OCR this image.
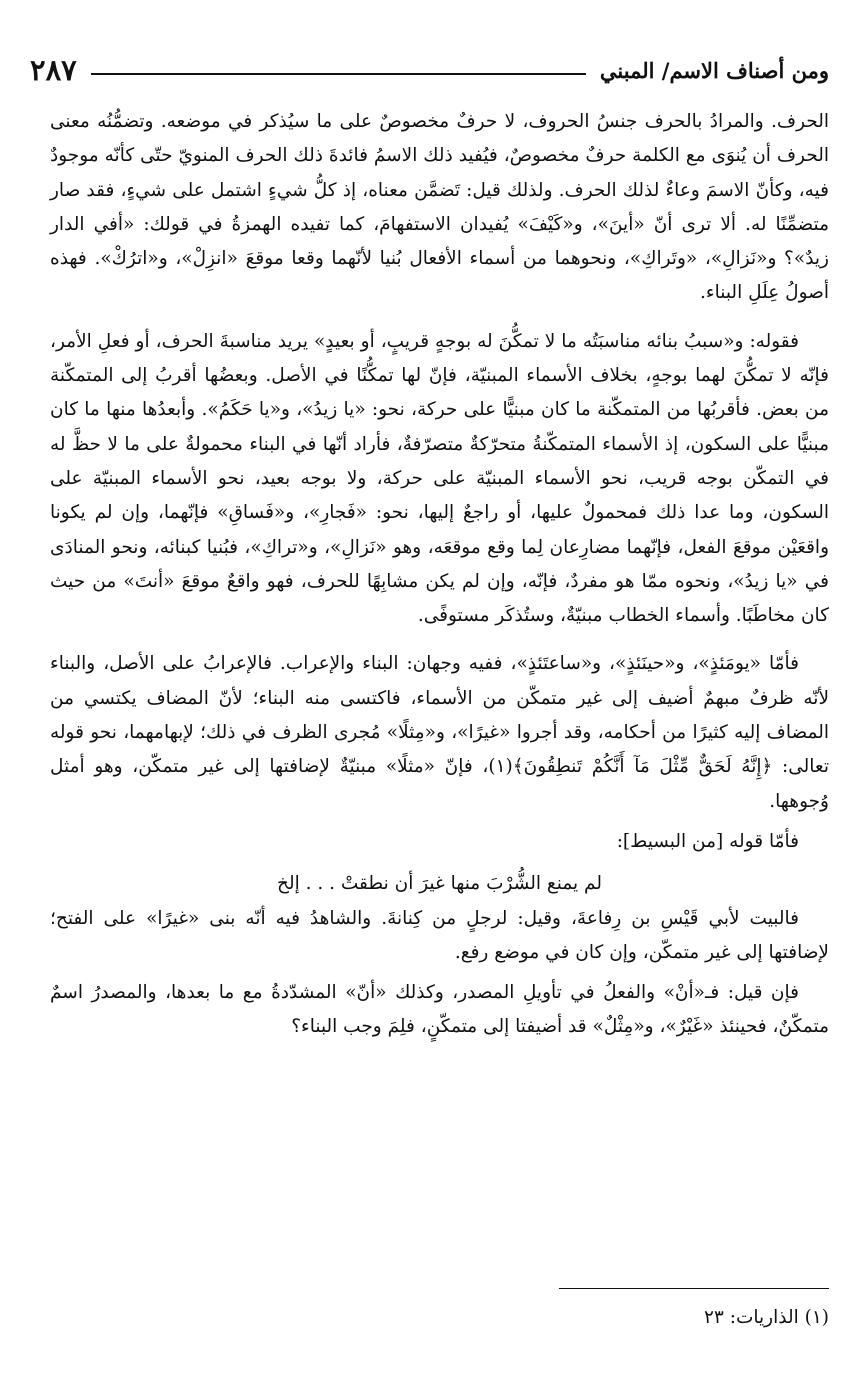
ومن أصناف الاسم/ المبني
٢٨٧

الحرف. والمرادُ بالحرف جنسُ الحروف، لا حرفٌ مخصوصٌ على ما سيُذكر في موضعه. وتضمُّنُه معنى الحرف أن يُنوَى مع الكلمة حرفٌ مخصوصٌ، فيُفيد ذلك الاسمُ فائدةَ ذلك الحرف المنويّ حتّى كأنّه موجودٌ فيه، وكأنّ الاسمَ وعاءٌ لذلك الحرف. ولذلك قيل: تَضمَّن معناه، إذ كلُّ شيءٍ اشتمل على شيءٍ، فقد صار متضمِّنًا له. ألا ترى أنّ «أينَ»، و«كَيْفَ» يُفيدان الاستفهامَ، كما تفيده الهمزةُ في قولك: «أفي الدار زيدٌ»؟ و«نَزالِ»، «وتَراكِ»، ونحوهما من أسماء الأفعال بُنيا لأنّهما وقعا موقعَ «انزِلْ»، و«اترُكْ». فهذه أصولُ عِلَلِ البناء.

فقوله: و«سببُ بنائه مناسبَتُه ما لا تمكُّنَ له بوجهٍ قريبٍ، أو بعيدٍ» يريد مناسبةَ الحرف، أو فعلِ الأمر، فإنّه لا تمكُّنَ لهما بوجهٍ، بخلاف الأسماء المبنيّة، فإنّ لها تمكُّنًا في الأصل. وبعضُها أقربُ إلى المتمكّنة من بعض. فأقربُها من المتمكّنة ما كان مبنيًّا على حركة، نحو: «يا زيدُ»، و«يا حَكَمُ». وأبعدُها منها ما كان مبنيًّا على السكون، إذ الأسماء المتمكّنةُ متحرّكةٌ متصرّفةٌ، فأراد أنّها في البناء محمولةٌ على ما لا حظَّ له في التمكّن بوجه قريب، نحو الأسماء المبنيّة على حركة، ولا بوجه بعيد، نحو الأسماء المبنيّة على السكون، وما عدا ذلك فمحمولٌ عليها، أو راجعٌ إليها، نحو: «فَجارِ»، و«فَساقِ» فإنّهما، وإن لم يكونا واقعَيْن موقعَ الفعل، فإنّهما مضارِعان لِما وقع موقعَه، وهو «نَزالِ»، و«تراكِ»، فبُنيا كبنائه، ونحو المنادَى في «يا زيدُ»، ونحوه ممّا هو مفردٌ، فإنّه، وإن لم يكن مشابِهًا للحرف، فهو واقعٌ موقعَ «أنتَ» من حيث كان مخاطَبًا. وأسماء الخطاب مبنيّةٌ، وستُذكَر مستوفًى.

فأمّا «يومَئذٍ»، و«حينَئذٍ»، و«ساعتَئذٍ»، ففيه وجهان: البناء والإعراب. فالإعرابُ على الأصل، والبناء لأنّه ظرفٌ مبهمٌ أضيف إلى غير متمكّن من الأسماء، فاكتسى منه البناء؛ لأنّ المضاف يكتسي من المضاف إليه كثيرًا من أحكامه، وقد أجروا «غيرًا»، و«مِثلًا» مُجرى الظرف في ذلك؛ لإبهامهما، نحو قوله تعالى: ﴿إِنَّهُ لَحَقٌّ مِّثْلَ مَآ أَنَّكُمْ تَنطِقُونَ﴾(١)، فإنّ «مثلًا» مبنيّةٌ لإضافتها إلى غير متمكّن، وهو أمثل وُجوهها.

فأمّا قوله [من البسيط]:

لم يمنع الشُّرْبَ منها غيرَ أن نطقتْ . . . إلخ

فالبيت لأبي قَيْسِ بن رِفاعةَ، وقيل: لرجلٍ من كِنانةَ. والشاهدُ فيه أنّه بنى «غيرًا» على الفتح؛ لإضافتها إلى غير متمكّن، وإن كان في موضع رفع.

فإن قيل: فـ«أنْ» والفعلُ في تأويلِ المصدر، وكذلك «أنّ» المشدّدةُ مع ما بعدها، والمصدرُ اسمٌ متمكّنٌ، فحينئذ «غَيْرٌ»، و«مِثْلٌ» قد أضيفتا إلى متمكّنٍ، فلِمَ وجب البناء؟

(١) الذاريات: ٢٣
